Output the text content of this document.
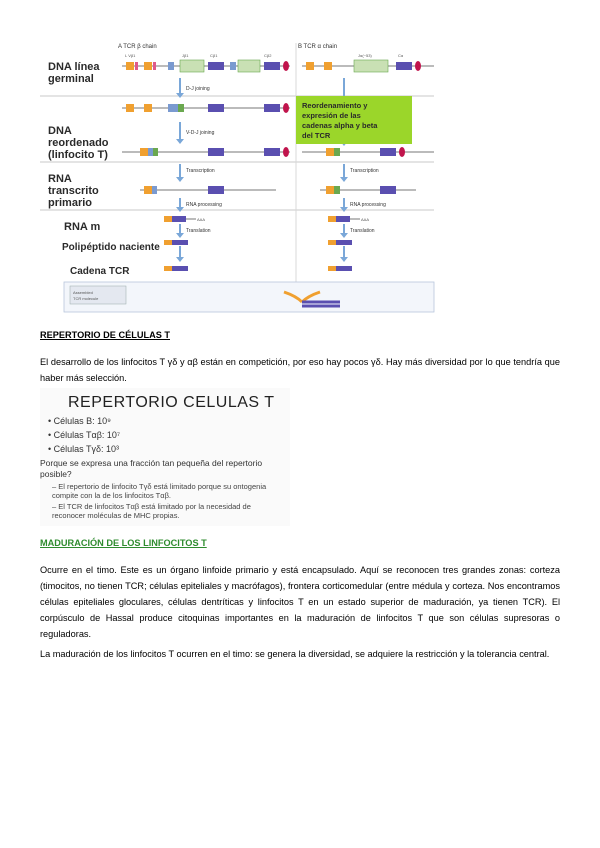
A TCR β chain	B TCR α chain
DNA línea
germinal
DNA
reordenado
(linfocito T)
RNA
transcrito
primario
RNA m
Polipéptido naciente
Cadena TCR
L Vβ1	Jβ1	Cβ1	Cβ2	Jα(~53)	Cα
D-J joining
V-D-J joining
Transcription	Transcription
RNA processing	RNA processing
Translation	Translation
Reordenamiento y
expresión de las
cadenas alpha y beta
del TCR
AAA	AAA
Assembled
TCR molecule
REPERTORIO DE CÉLULAS T
El desarrollo de los linfocitos T γδ y αβ están en competición, por eso hay pocos γδ. Hay más diversidad por lo que tendría que haber más selección.
REPERTORIO CELULAS T
• Células B: 10⁹
• Células Tαβ: 10⁷
• Células Tγδ: 10³
Porque se expresa una fracción tan pequeña del repertorio posible?
– El repertorio de linfocito Tγδ está limitado porque su ontogenia compite con la de los linfocitos Tαβ.
– El TCR de linfocitos Tαβ está limitado por la necesidad de reconocer moléculas de MHC propias.
MADURACIÓN DE LOS LINFOCITOS T
Ocurre en el timo. Este es un órgano linfoide primario y está encapsulado. Aquí se reconocen tres grandes zonas: corteza (timocitos, no tienen TCR; células epiteliales y macrófagos), frontera corticomedular (entre médula y corteza. Nos encontramos células epiteliales gloculares, células dentríticas y linfocitos T en un estado superior de maduración, ya tienen TCR). El corpúsculo de Hassal produce citoquinas importantes en la maduración de linfocitos T que son células supresoras o reguladoras.
La maduración de los linfocitos T ocurren en el timo: se genera la diversidad, se adquiere la restricción y la tolerancia central.
